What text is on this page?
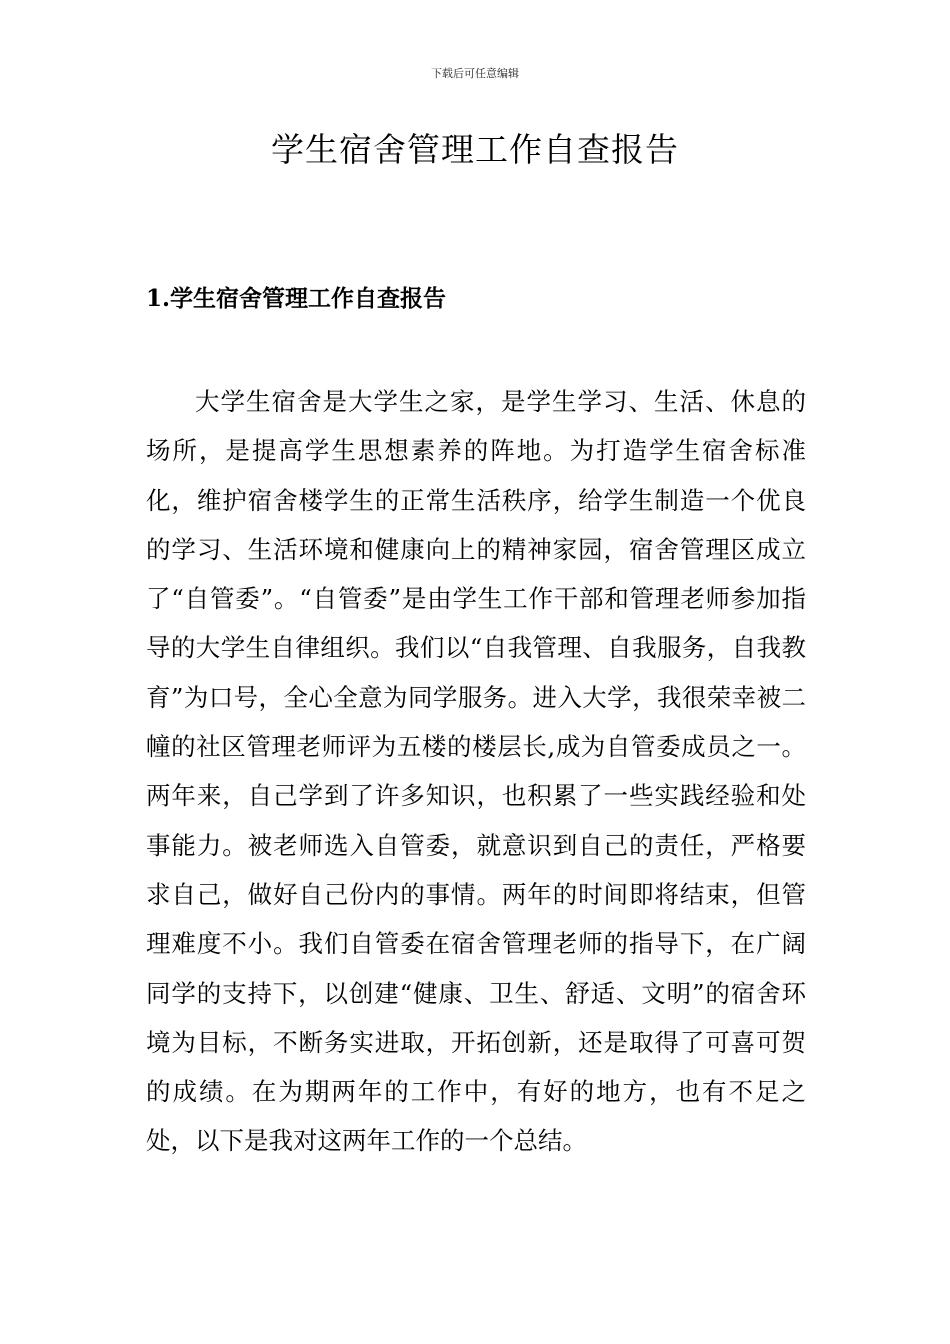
下载后可任意编辑
学生宿舍管理工作自查报告
1.学生宿舍管理工作自查报告

大学生宿舍是大学生之家，是学生学习、生活、休息的场所，是提高学生思想素养的阵地。为打造学生宿舍标准化，维护宿舍楼学生的正常生活秩序，给学生制造一个优良的学习、生活环境和健康向上的精神家园，宿舍管理区成立了“自管委”。“自管委”是由学生工作干部和管理老师参加指导的大学生自律组织。我们以“自我管理、自我服务，自我教育”为口号，全心全意为同学服务。进入大学，我很荣幸被二幢的社区管理老师评为五楼的楼层长,成为自管委成员之一。两年来，自己学到了许多知识，也积累了一些实践经验和处事能力。被老师选入自管委，就意识到自己的责任，严格要求自己，做好自己份内的事情。两年的时间即将结束，但管理难度不小。我们自管委在宿舍管理老师的指导下，在广阔同学的支持下，以创建“健康、卫生、舒适、文明”的宿舍环境为目标，不断务实进取，开拓创新，还是取得了可喜可贺的成绩。在为期两年的工作中，有好的地方，也有不足之处，以下是我对这两年工作的一个总结。
